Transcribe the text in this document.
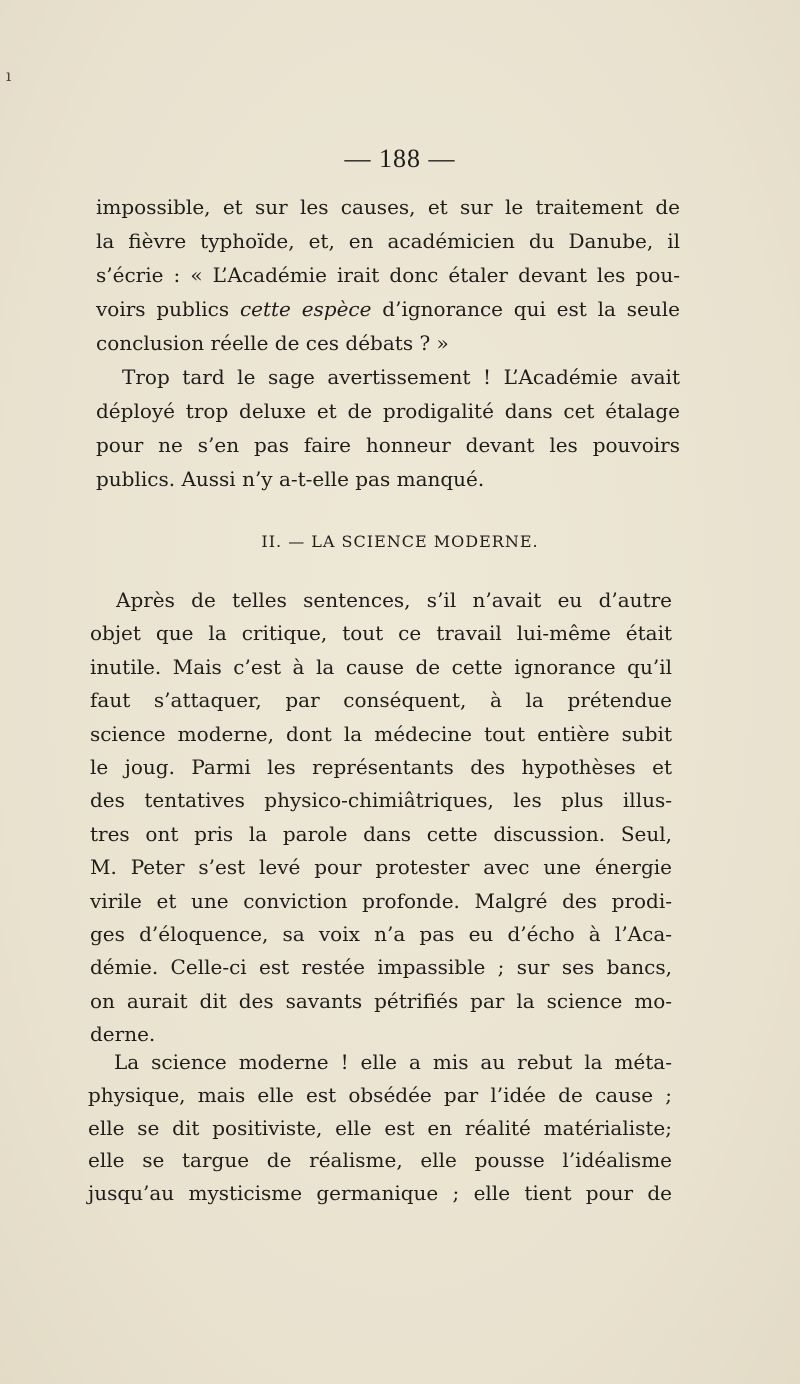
ı
— 188 —
impossible, et sur les causes, et sur le traitement de
la fièvre typhoïde, et, en académicien du Danube, il
s’écrie : « L’Académie irait donc étaler devant les pou-
voirs publics cette espèce d’ignorance qui est la seule
conclusion réelle de ces débats ? »
Trop tard le sage avertissement ! L’Académie avait
déployé trop deluxe et de prodigalité dans cet étalage
pour ne s’en pas faire honneur devant les pouvoirs
publics. Aussi n’y a-t-elle pas manqué.
II. — LA SCIENCE MODERNE.
Après de telles sentences, s’il n’avait eu d’autre
objet que la critique, tout ce travail lui-même était
inutile. Mais c’est à la cause de cette ignorance qu’il
faut s’attaquer, par conséquent, à la prétendue
science moderne, dont la médecine tout entière subit
le joug. Parmi les représentants des hypothèses et
des tentatives physico-chimiâtriques, les plus illus-
tres ont pris la parole dans cette discussion. Seul,
M. Peter s’est levé pour protester avec une énergie
virile et une conviction profonde. Malgré des prodi-
ges d’éloquence, sa voix n’a pas eu d’écho à l’Aca-
démie. Celle-ci est restée impassible ; sur ses bancs,
on aurait dit des savants pétrifiés par la science mo-
derne.
La science moderne ! elle a mis au rebut la méta-
physique, mais elle est obsédée par l’idée de cause ;
elle se dit positiviste, elle est en réalité matérialiste;
elle se targue de réalisme, elle pousse l’idéalisme
jusqu’au mysticisme germanique ; elle tient pour de
